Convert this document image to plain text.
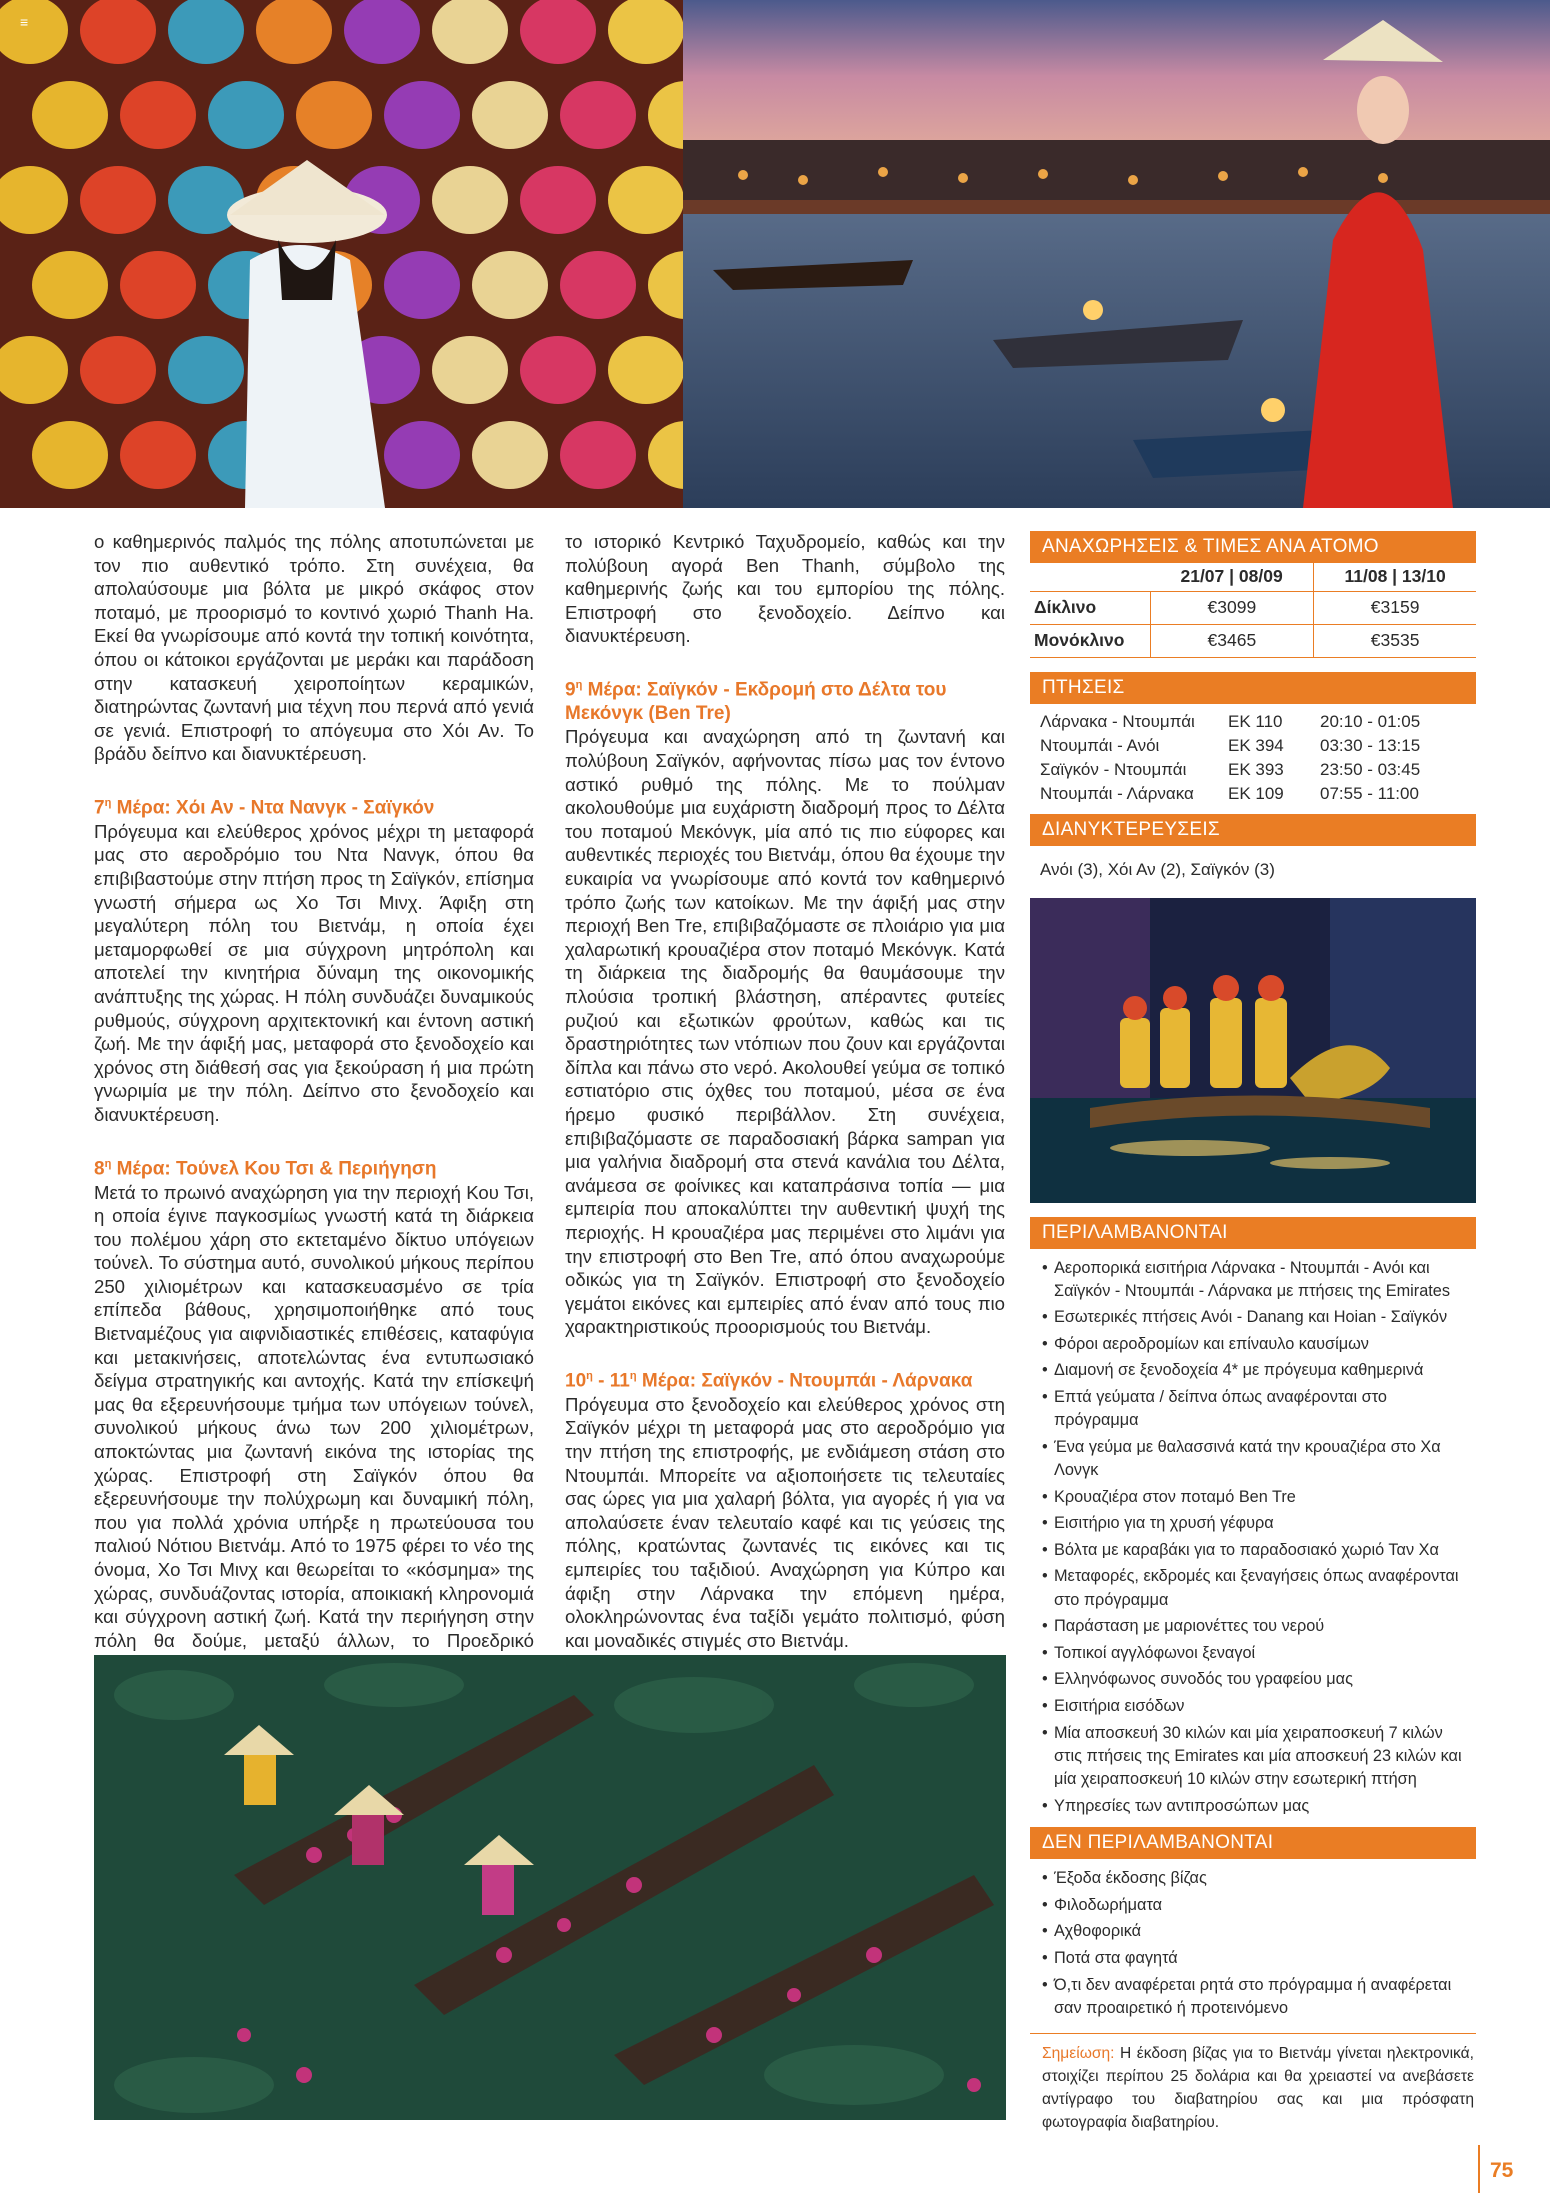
≡

ο καθημερινός παλμός της πόλης αποτυπώνεται με τον πιο αυθεντικό τρόπο. Στη συνέχεια, θα απολαύσουμε μια βόλτα με μικρό σκάφος στον ποταμό, με προορισμό το κοντινό χωριό Thanh Ha. Εκεί θα γνωρίσουμε από κοντά την τοπική κοινότητα, όπου οι κάτοικοι εργάζονται με μεράκι και παράδοση στην κατασκευή χειροποίητων κεραμικών, διατηρώντας ζωντανή μια τέχνη που περνά από γενιά σε γενιά. Επιστροφή το απόγευμα στο Χόι Αν. Το βράδυ δείπνο και διανυκτέρευση.

$7^\eta$ Μέρα: Χόι Αν - Ντα Νανγκ - Σαϊγκόν

Πρόγευμα και ελεύθερος χρόνος μέχρι τη μεταφορά μας στο αεροδρόμιο του Ντα Νανγκ, όπου θα επιβιβαστούμε στην πτήση προς τη Σαϊγκόν, επίσημα γνωστή σήμερα ως Χο Τσι Μινχ. Άφιξη στη μεγαλύτερη πόλη του Βιετνάμ, η οποία έχει μεταμορφωθεί σε μια σύγχρονη μητρόπολη και αποτελεί την κινητήρια δύναμη της οικονομικής ανάπτυξης της χώρας. Η πόλη συνδυάζει δυναμικούς ρυθμούς, σύγχρονη αρχιτεκτονική και έντονη αστική ζωή. Με την άφιξή μας, μεταφορά στο ξενοδοχείο και χρόνος στη διάθεσή σας για ξεκούραση ή μια πρώτη γνωριμία με την πόλη. Δείπνο στο ξενοδοχείο και διανυκτέρευση.

$8^\eta$ Μέρα: Τούνελ Κου Τσι & Περιήγηση

Μετά το πρωινό αναχώρηση για την περιοχή Κου Τσι, η οποία έγινε παγκοσμίως γνωστή κατά τη διάρκεια του πολέμου χάρη στο εκτεταμένο δίκτυο υπόγειων τούνελ. Το σύστημα αυτό, συνολικού μήκους περίπου 250 χιλιομέτρων και κατασκευασμένο σε τρία επίπεδα βάθους, χρησιμοποιήθηκε από τους Βιετναμέζους για αιφνιδιαστικές επιθέσεις, καταφύγια και μετακινήσεις, αποτελώντας ένα εντυπωσιακό δείγμα στρατηγικής και αντοχής. Κατά την επίσκεψή μας θα εξερευνήσουμε τμήμα των υπόγειων τούνελ, συνολικού μήκους άνω των 200 χιλιομέτρων, αποκτώντας μια ζωντανή εικόνα της ιστορίας της χώρας. Επιστροφή στη Σαϊγκόν όπου θα εξερευνήσουμε την πολύχρωμη και δυναμική πόλη, που για πολλά χρόνια υπήρξε η πρωτεύουσα του παλιού Νότιου Βιετνάμ. Από το 1975 φέρει το νέο της όνομα, Χο Τσι Μινχ και θεωρείται το «κόσμημα» της χώρας, συνδυάζοντας ιστορία, αποικιακή κληρονομιά και σύγχρονη αστική ζωή. Κατά την περιήγηση στην πόλη θα δούμε, μεταξύ άλλων, το Προεδρικό

το ιστορικό Κεντρικό Ταχυδρομείο, καθώς και την πολύβουη αγορά Ben Thanh, σύμβολο της καθημερινής ζωής και του εμπορίου της πόλης. Επιστροφή στο ξενοδοχείο. Δείπνο και διανυκτέρευση.

$9^\eta$ Μέρα: Σαϊγκόν - Εκδρομή στο Δέλτα του Μεκόνγκ (Ben Tre)

Πρόγευμα και αναχώρηση από τη ζωντανή και πολύβουη Σαϊγκόν, αφήνοντας πίσω μας τον έντονο αστικό ρυθμό της πόλης. Με το πούλμαν ακολουθούμε μια ευχάριστη διαδρομή προς το Δέλτα του ποταμού Μεκόνγκ, μία από τις πιο εύφορες και αυθεντικές περιοχές του Βιετνάμ, όπου θα έχουμε την ευκαιρία να γνωρίσουμε από κοντά τον καθημερινό τρόπο ζωής των κατοίκων. Με την άφιξή μας στην περιοχή Ben Tre, επιβιβαζόμαστε σε πλοιάριο για μια χαλαρωτική κρουαζιέρα στον ποταμό Μεκόνγκ. Κατά τη διάρκεια της διαδρομής θα θαυμάσουμε την πλούσια τροπική βλάστηση, απέραντες φυτείες ρυζιού και εξωτικών φρούτων, καθώς και τις δραστηριότητες των ντόπιων που ζουν και εργάζονται δίπλα και πάνω στο νερό. Ακολουθεί γεύμα σε τοπικό εστιατόριο στις όχθες του ποταμού, μέσα σε ένα ήρεμο φυσικό περιβάλλον. Στη συνέχεια, επιβιβαζόμαστε σε παραδοσιακή βάρκα sampan για μια γαλήνια διαδρομή στα στενά κανάλια του Δέλτα, ανάμεσα σε φοίνικες και καταπράσινα τοπία — μια εμπειρία που αποκαλύπτει την αυθεντική ψυχή της περιοχής. Η κρουαζιέρα μας περιμένει στο λιμάνι για την επιστροφή στο Ben Tre, από όπου αναχωρούμε οδικώς για τη Σαϊγκόν. Επιστροφή στο ξενοδοχείο γεμάτοι εικόνες και εμπειρίες από έναν από τους πιο χαρακτηριστικούς προορισμούς του Βιετνάμ.

$10^\eta - 11^\eta$ Μέρα: Σαϊγκόν - Ντουμπάι - Λάρνακα

Πρόγευμα στο ξενοδοχείο και ελεύθερος χρόνος στη Σαϊγκόν μέχρι τη μεταφορά μας στο αεροδρόμιο για την πτήση της επιστροφής, με ενδιάμεση στάση στο Ντουμπάι. Μπορείτε να αξιοποιήσετε τις τελευταίες σας ώρες για μια χαλαρή βόλτα, για αγορές ή για να απολαύσετε έναν τελευταίο καφέ και τις γεύσεις της πόλης, κρατώντας ζωντανές τις εικόνες και τις εμπειρίες του ταξιδιού. Αναχώρηση για Κύπρο και άφιξη στην Λάρνακα την επόμενη ημέρα, ολοκληρώνοντας ένα ταξίδι γεμάτο πολιτισμό, φύση και μοναδικές στιγμές στο Βιετνάμ.

ΑΝΑΧΩΡΗΣΕΙΣ & ΤΙΜΕΣ ΑΝΑ ΑΤΟΜΟ
	21/07 | 08/09	11/08 | 13/10
Δίκλινο	€3099	€3159
Μονόκλινο	€3465	€3535
ΠΤΗΣΕΙΣ
Λάρνακα - Ντουμπάι	EK 110	20:10 - 01:05
Ντουμπάι - Ανόι	EK 394	03:30 - 13:15
Σαϊγκόν - Ντουμπάι	EK 393	23:50 - 03:45
Ντουμπάι - Λάρνακα	EK 109	07:55 - 11:00
ΔΙΑΝΥΚΤΕΡΕΥΣΕΙΣ
Ανόι (3), Χόι Αν (2), Σαϊγκόν (3)
ΠΕΡΙΛΑΜΒΑΝΟΝΤΑΙ
• Αεροπορικά εισιτήρια Λάρνακα - Ντουμπάι - Ανόι και Σαϊγκόν - Ντουμπάι - Λάρνακα με πτήσεις της Emirates
• Εσωτερικές πτήσεις Ανόι - Danang και Hoian - Σαϊγκόν
• Φόροι αεροδρομίων και επίναυλο καυσίμων
• Διαμονή σε ξενοδοχεία 4* με πρόγευμα καθημερινά
• Επτά γεύματα / δείπνα όπως αναφέρονται στο πρόγραμμα
• Ένα γεύμα με θαλασσινά κατά την κρουαζιέρα στο Χα Λονγκ
• Κρουαζιέρα στον ποταμό Ben Tre
• Εισιτήριο για τη χρυσή γέφυρα
• Βόλτα με καραβάκι για το παραδοσιακό χωριό Ταν Χα
• Μεταφορές, εκδρομές και ξεναγήσεις όπως αναφέρονται στο πρόγραμμα
• Παράσταση με μαριονέττες του νερού
• Τοπικοί αγγλόφωνοι ξεναγοί
• Ελληνόφωνος συνοδός του γραφείου μας
• Εισιτήρια εισόδων
• Μία αποσκευή 30 κιλών και μία χειραποσκευή 7 κιλών στις πτήσεις της Emirates και μία αποσκευή 23 κιλών και μία χειραποσκευή 10 κιλών στην εσωτερική πτήση
• Υπηρεσίες των αντιπροσώπων μας
ΔΕΝ ΠΕΡΙΛΑΜΒΑΝΟΝΤΑΙ
• Έξοδα έκδοσης βίζας
• Φιλοδωρήματα
• Αχθοφορικά
• Ποτά στα φαγητά
• Ό,τι δεν αναφέρεται ρητά στο πρόγραμμα ή αναφέρεται σαν προαιρετικό ή προτεινόμενο
Σημείωση: Η έκδοση βίζας για το Βιετνάμ γίνεται ηλεκτρονικά, στοιχίζει περίπου 25 δολάρια και θα χρειαστεί να ανεβάσετε αντίγραφο του διαβατηρίου σας και μια πρόσφατη φωτογραφία διαβατηρίου.
75
